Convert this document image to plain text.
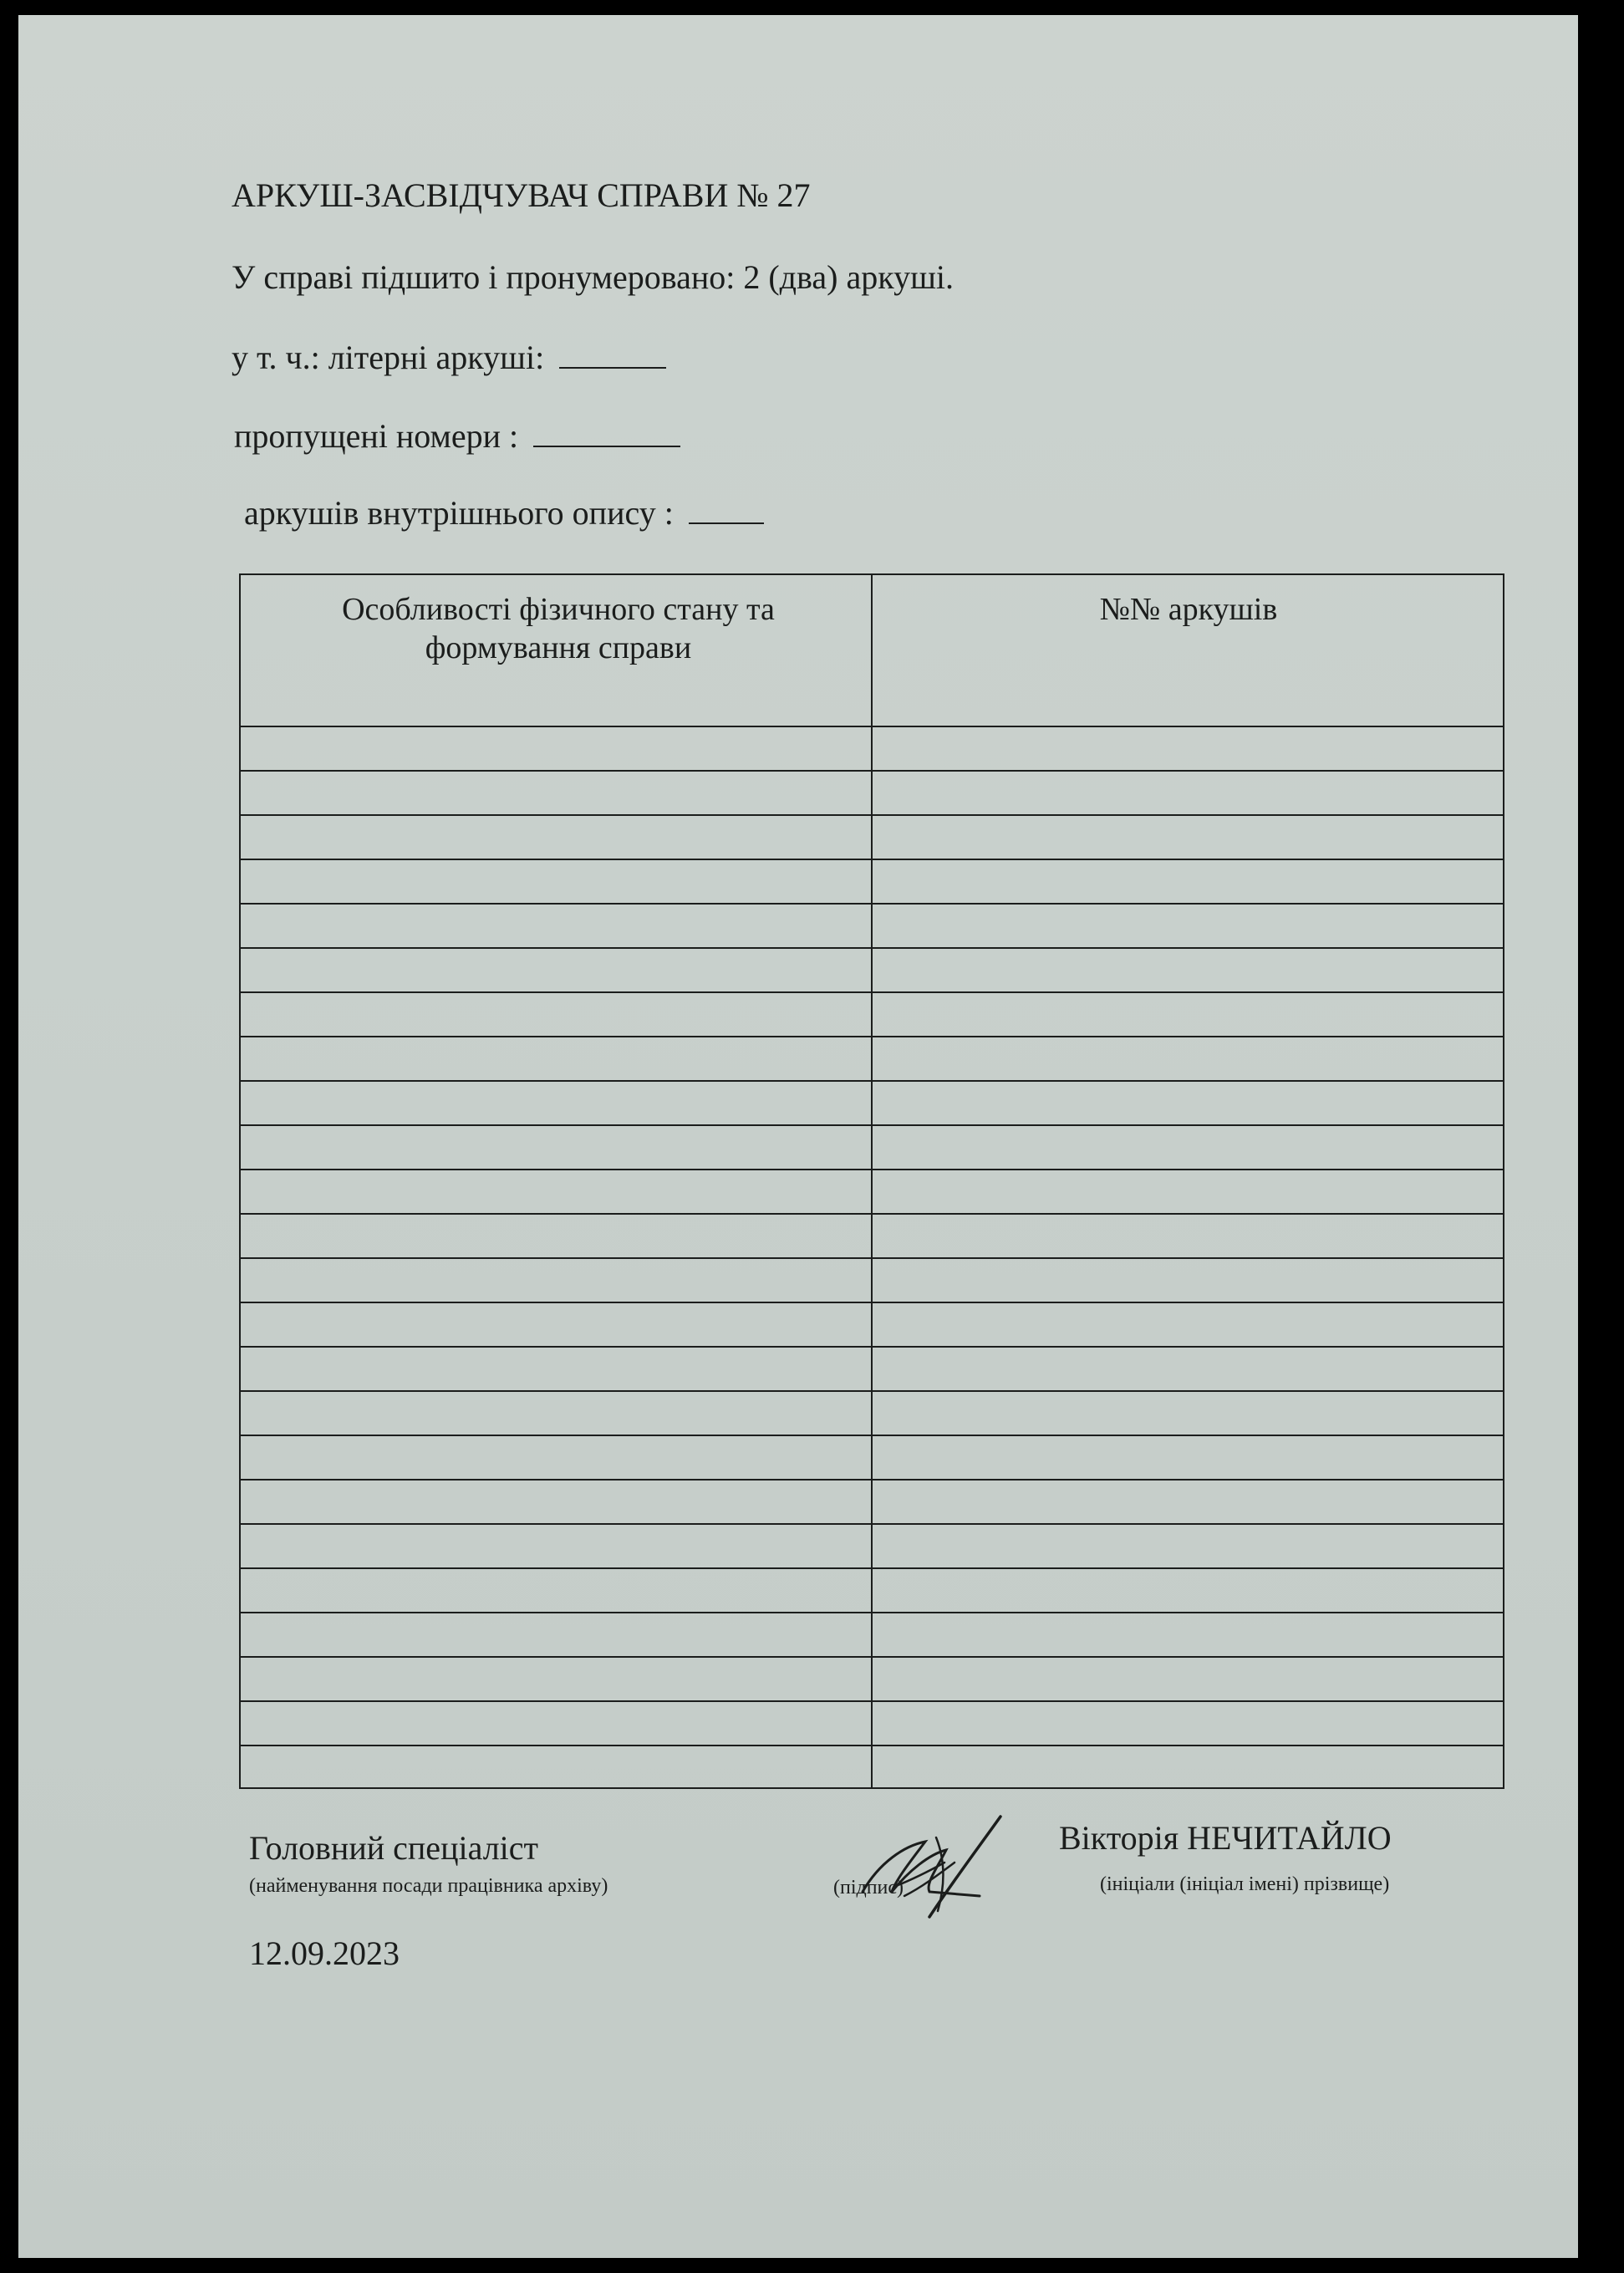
АРКУШ-ЗАСВІДЧУВАЧ СПРАВИ № 27
У справі підшито і пронумеровано: 2 (два) аркуші.
у т. ч.: літерні аркуші:
пропущені номери :
аркушів внутрішнього опису :
Особливості фізичного стану та формування справи
№№ аркушів
Головний спеціаліст
(найменування посади працівника архіву)	(підпис)
Вікторія НЕЧИТАЙЛО
(ініціали (ініціал імені) прізвище)
12.09.2023
